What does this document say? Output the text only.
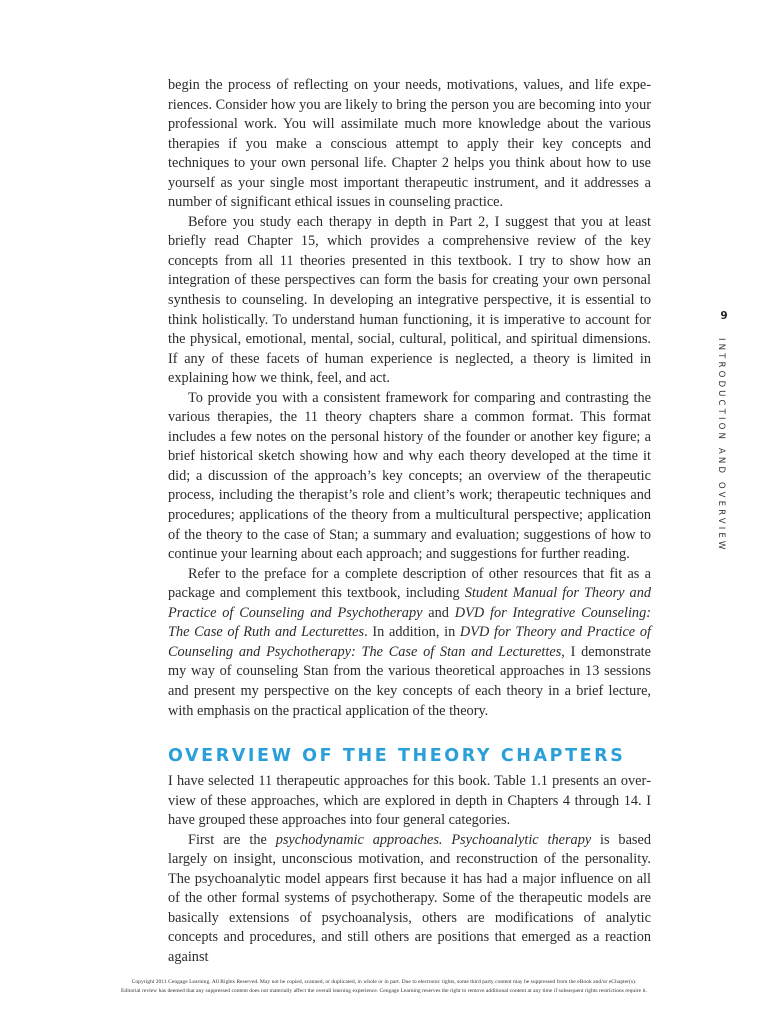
begin the process of reflecting on your needs, motivations, values, and life experiences. Consider how you are likely to bring the person you are becoming into your professional work. You will assimilate much more knowledge about the various therapies if you make a conscious attempt to apply their key concepts and techniques to your own personal life. Chapter 2 helps you think about how to use yourself as your single most important therapeutic instrument, and it addresses a number of significant ethical issues in counseling practice.

Before you study each therapy in depth in Part 2, I suggest that you at least briefly read Chapter 15, which provides a comprehensive review of the key concepts from all 11 theories presented in this textbook. I try to show how an integration of these perspectives can form the basis for creating your own personal synthesis to counseling. In developing an integrative perspective, it is essential to think holistically. To understand human functioning, it is imperative to account for the physical, emotional, mental, social, cultural, political, and spiritual dimensions. If any of these facets of human experience is neglected, a theory is limited in explaining how we think, feel, and act.

To provide you with a consistent framework for comparing and contrasting the various therapies, the 11 theory chapters share a common format. This format includes a few notes on the personal history of the founder or another key figure; a brief historical sketch showing how and why each theory developed at the time it did; a discussion of the approach’s key concepts; an overview of the therapeutic process, including the therapist’s role and client’s work; therapeutic techniques and procedures; applications of the theory from a multicultural perspective; application of the theory to the case of Stan; a summary and evaluation; suggestions of how to continue your learning about each approach; and suggestions for further reading.

Refer to the preface for a complete description of other resources that fit as a package and complement this textbook, including Student Manual for Theory and Practice of Counseling and Psychotherapy and DVD for Integrative Counseling: The Case of Ruth and Lecturettes. In addition, in DVD for Theory and Practice of Counseling and Psychotherapy: The Case of Stan and Lecturettes, I demonstrate my way of counseling Stan from the various theoretical approaches in 13 sessions and present my perspective on the key concepts of each theory in a brief lecture, with emphasis on the practical application of the theory.

OVERVIEW OF THE THEORY CHAPTERS

I have selected 11 therapeutic approaches for this book. Table 1.1 presents an overview of these approaches, which are explored in depth in Chapters 4 through 14. I have grouped these approaches into four general categories.

First are the psychodynamic approaches. Psychoanalytic therapy is based largely on insight, unconscious motivation, and reconstruction of the personality. The psychoanalytic model appears first because it has had a major influence on all of the other formal systems of psychotherapy. Some of the therapeutic models are basically extensions of psychoanalysis, others are modifications of analytic concepts and procedures, and still others are positions that emerged as a reaction against

9
INTRODUCTION AND OVERVIEW
Copyright 2011 Cengage Learning. All Rights Reserved. May not be copied, scanned, or duplicated, in whole or in part. Due to electronic rights, some third party content may be suppressed from the eBook and/or eChapter(s).
Editorial review has deemed that any suppressed content does not materially affect the overall learning experience. Cengage Learning reserves the right to remove additional content at any time if subsequent rights restrictions require it.
